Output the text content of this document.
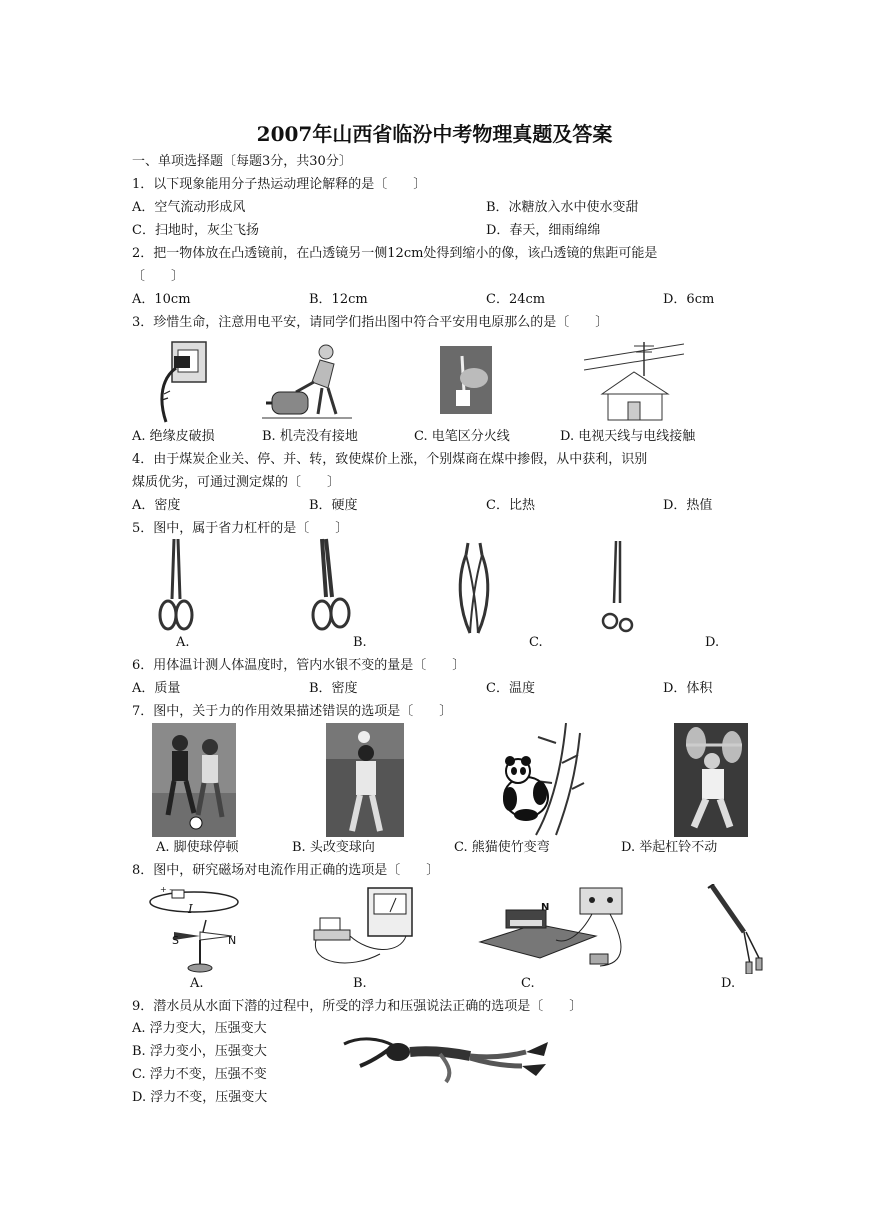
2007年山西省临汾中考物理真题及答案
一、单项选择题〔每题3分，共30分〕
1．以下现象能用分子热运动理论解释的是〔　　〕
A．空气流动形成风	B．冰糖放入水中使水变甜
C．扫地时，灰尘飞扬	D．春天，细雨绵绵
2．把一物体放在凸透镜前，在凸透镜另一侧12cm处得到缩小的像，该凸透镜的焦距可能是
〔　　〕
A．10cm	B．12cm	C．24cm	D．6cm
3．珍惜生命，注意用电平安，请同学们指出图中符合平安用电原那么的是〔　　〕
A. 绝缘皮破损	B. 机壳没有接地	C. 电笔区分火线	D. 电视天线与电线接触
4．由于煤炭企业关、停、并、转，致使煤价上涨，个别煤商在煤中掺假，从中获利，识别
煤质优劣，可通过测定煤的〔　　〕
A．密度	B．硬度	C．比热	D．热值
5．图中，属于省力杠杆的是〔　　〕
A.	B.	C.	D.
6．用体温计测人体温度时，管内水银不变的量是〔　　〕
A．质量	B．密度	C．温度	D．体积
7．图中，关于力的作用效果描述错误的选项是〔　　〕
A. 脚使球停顿	B. 头改变球向	C. 熊猫使竹变弯	D. 举起杠铃不动
8．图中，研究磁场对电流作用正确的选项是〔　　〕
+ -
I
S	N
N
A.	B.	C.	D.
9．潜水员从水面下潜的过程中，所受的浮力和压强说法正确的选项是〔　　〕
A. 浮力变大，压强变大
B. 浮力变小，压强变大
C. 浮力不变，压强不变
D. 浮力不变，压强变大
